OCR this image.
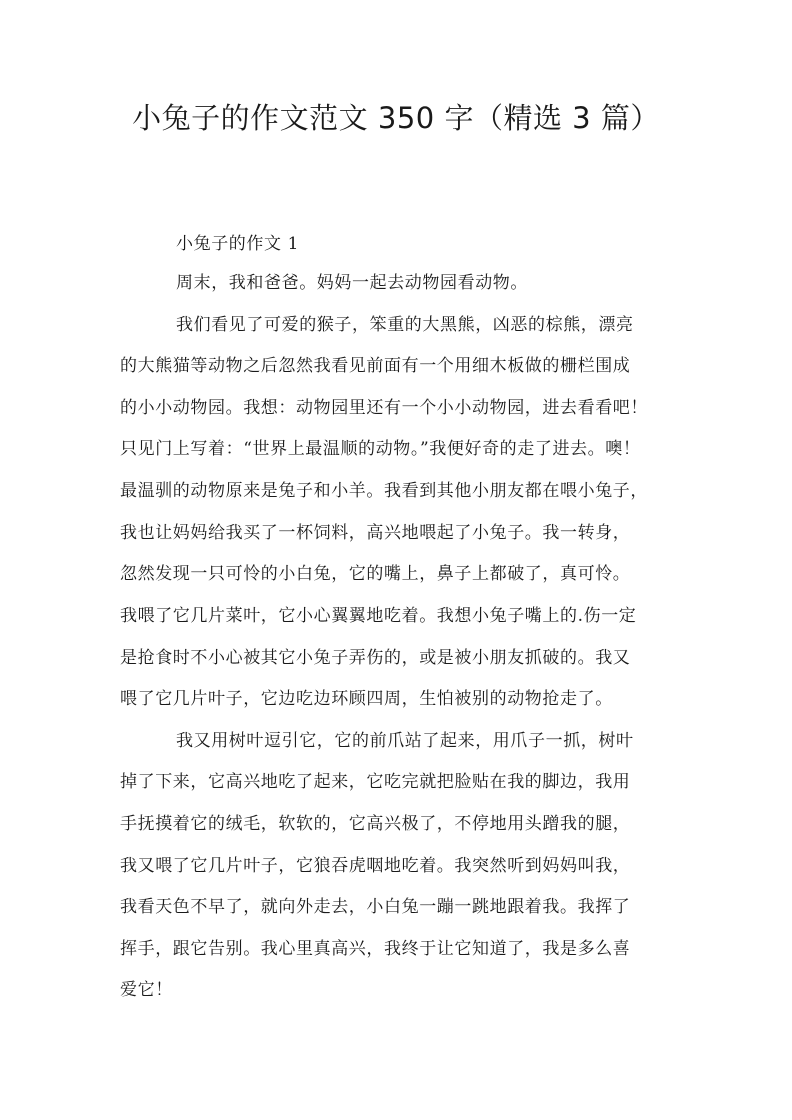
小兔子的作文范文 350 字（精选 3 篇）
小兔子的作文 1
周末，我和爸爸。妈妈一起去动物园看动物。
我们看见了可爱的猴子，笨重的大黑熊，凶恶的棕熊，漂亮
的大熊猫等动物之后忽然我看见前面有一个用细木板做的栅栏围成
的小小动物园。我想：动物园里还有一个小小动物园，进去看看吧！
只见门上写着：“世界上最温顺的动物。”我便好奇的走了进去。噢！
最温驯的动物原来是兔子和小羊。我看到其他小朋友都在喂小兔子，
我也让妈妈给我买了一杯饲料，高兴地喂起了小兔子。我一转身，
忽然发现一只可怜的小白兔，它的嘴上，鼻子上都破了，真可怜。
我喂了它几片菜叶，它小心翼翼地吃着。我想小兔子嘴上的.伤一定
是抢食时不小心被其它小兔子弄伤的，或是被小朋友抓破的。我又
喂了它几片叶子，它边吃边环顾四周，生怕被别的动物抢走了。
我又用树叶逗引它，它的前爪站了起来，用爪子一抓，树叶
掉了下来，它高兴地吃了起来，它吃完就把脸贴在我的脚边，我用
手抚摸着它的绒毛，软软的，它高兴极了，不停地用头蹭我的腿，
我又喂了它几片叶子，它狼吞虎咽地吃着。我突然听到妈妈叫我，
我看天色不早了，就向外走去，小白兔一蹦一跳地跟着我。我挥了
挥手，跟它告别。我心里真高兴，我终于让它知道了，我是多么喜
爱它！
